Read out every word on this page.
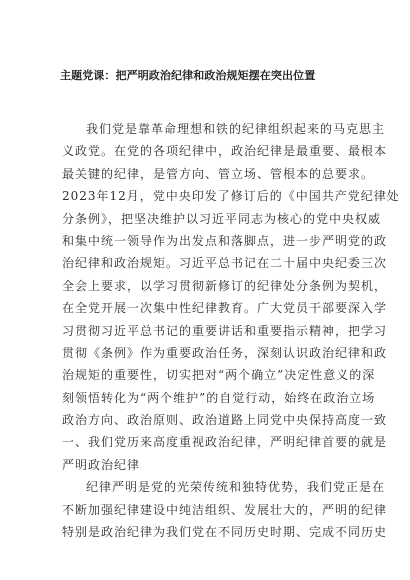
主题党课：把严明政治纪律和政治规矩摆在突出位置
我们党是靠革命理想和铁的纪律组织起来的马克思主
义政党。在党的各项纪律中，政治纪律是最重要、最根本
最关键的纪律，是管方向、管立场、管根本的总要求。
2023年12月，党中央印发了修订后的《中国共产党纪律处
分条例》，把坚决维护以习近平同志为核心的党中央权威
和集中统一领导作为出发点和落脚点，进一步严明党的政
治纪律和政治规矩。习近平总书记在二十届中央纪委三次
全会上要求，以学习贯彻新修订的纪律处分条例为契机，
在全党开展一次集中性纪律教育。广大党员干部要深入学
习贯彻习近平总书记的重要讲话和重要指示精神，把学习
贯彻《条例》作为重要政治任务，深刻认识政治纪律和政
治规矩的重要性，切实把对“两个确立”决定性意义的深
刻领悟转化为“两个维护”的自觉行动，始终在政治立场
政治方向、政治原则、政治道路上同党中央保持高度一致
一、我们党历来高度重视政治纪律，严明纪律首要的就是
严明政治纪律
纪律严明是党的光荣传统和独特优势，我们党正是在
不断加强纪律建设中纯洁组织、发展壮大的，严明的纪律
特别是政治纪律为我们党在不同历史时期、完成不同历史
